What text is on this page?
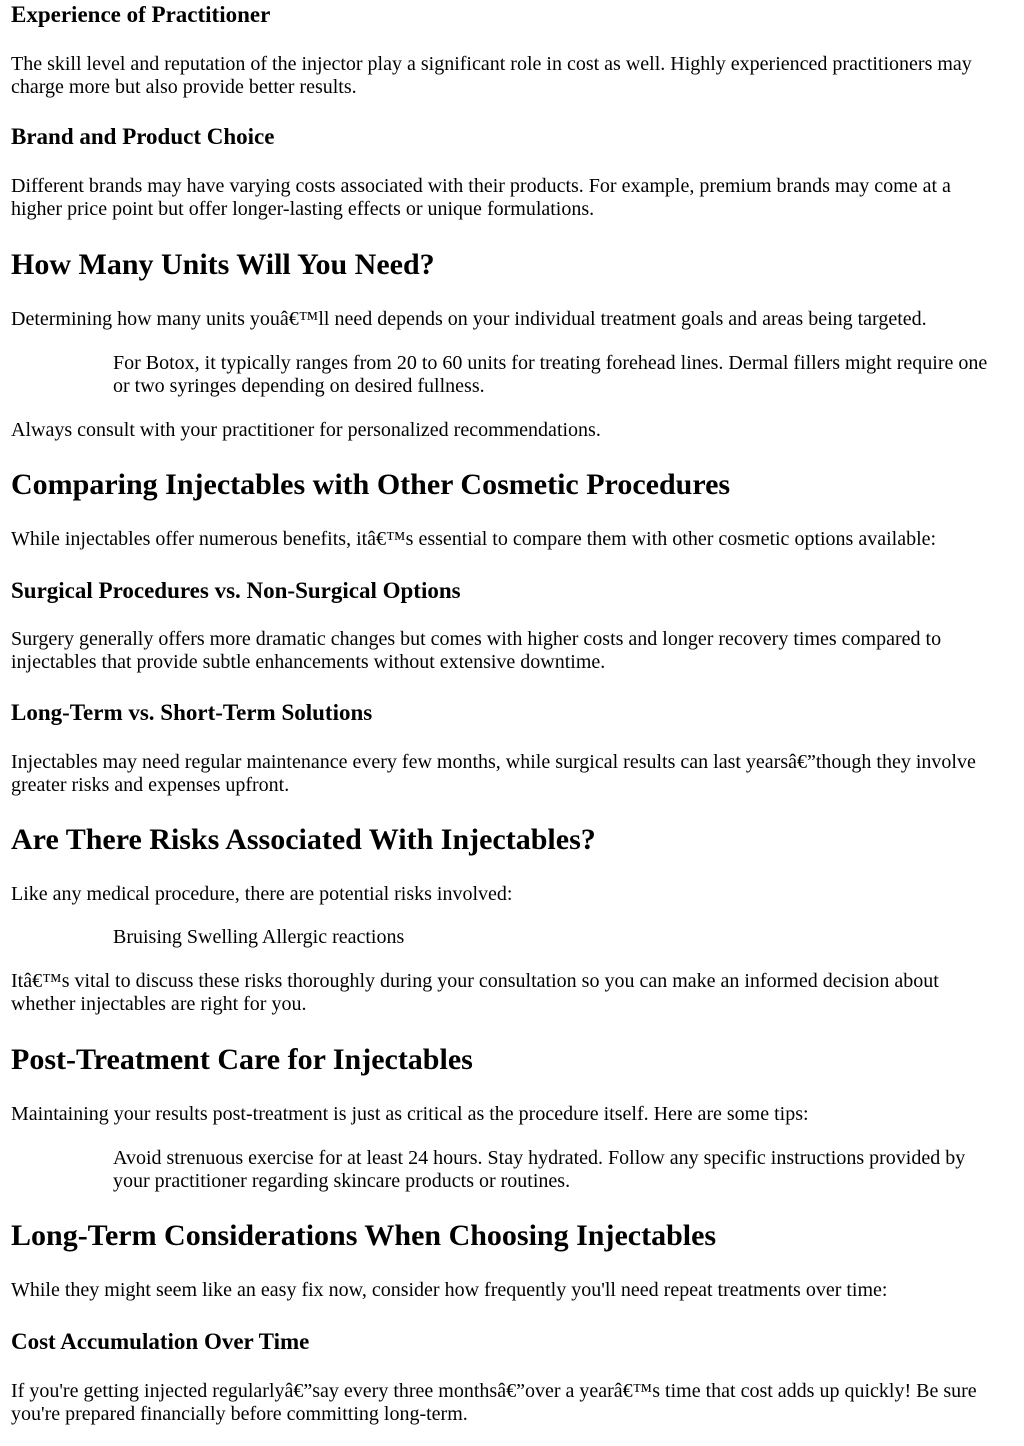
Experience of Practitioner

The skill level and reputation of the injector play a significant role in cost as well. Highly experienced practitioners may charge more but also provide better results.

Brand and Product Choice

Different brands may have varying costs associated with their products. For example, premium brands may come at a higher price point but offer longer-lasting effects or unique formulations.

How Many Units Will You Need?

Determining how many units youâ€™ll need depends on your individual treatment goals and areas being targeted.

For Botox, it typically ranges from 20 to 60 units for treating forehead lines. Dermal fillers might require one or two syringes depending on desired fullness.

Always consult with your practitioner for personalized recommendations.

Comparing Injectables with Other Cosmetic Procedures

While injectables offer numerous benefits, itâ€™s essential to compare them with other cosmetic options available:

Surgical Procedures vs. Non-Surgical Options

Surgery generally offers more dramatic changes but comes with higher costs and longer recovery times compared to injectables that provide subtle enhancements without extensive downtime.

Long-Term vs. Short-Term Solutions

Injectables may need regular maintenance every few months, while surgical results can last yearsâ€”though they involve greater risks and expenses upfront.

Are There Risks Associated With Injectables?

Like any medical procedure, there are potential risks involved:

Bruising Swelling Allergic reactions

Itâ€™s vital to discuss these risks thoroughly during your consultation so you can make an informed decision about whether injectables are right for you.

Post-Treatment Care for Injectables

Maintaining your results post-treatment is just as critical as the procedure itself. Here are some tips:

Avoid strenuous exercise for at least 24 hours. Stay hydrated. Follow any specific instructions provided by your practitioner regarding skincare products or routines.
Long-Term Considerations When Choosing Injectables

While they might seem like an easy fix now, consider how frequently you'll need repeat treatments over time:

Cost Accumulation Over Time

If you're getting injected regularlyâ€”say every three monthsâ€”over a yearâ€™s time that cost adds up quickly! Be sure you're prepared financially before committing long-term.
